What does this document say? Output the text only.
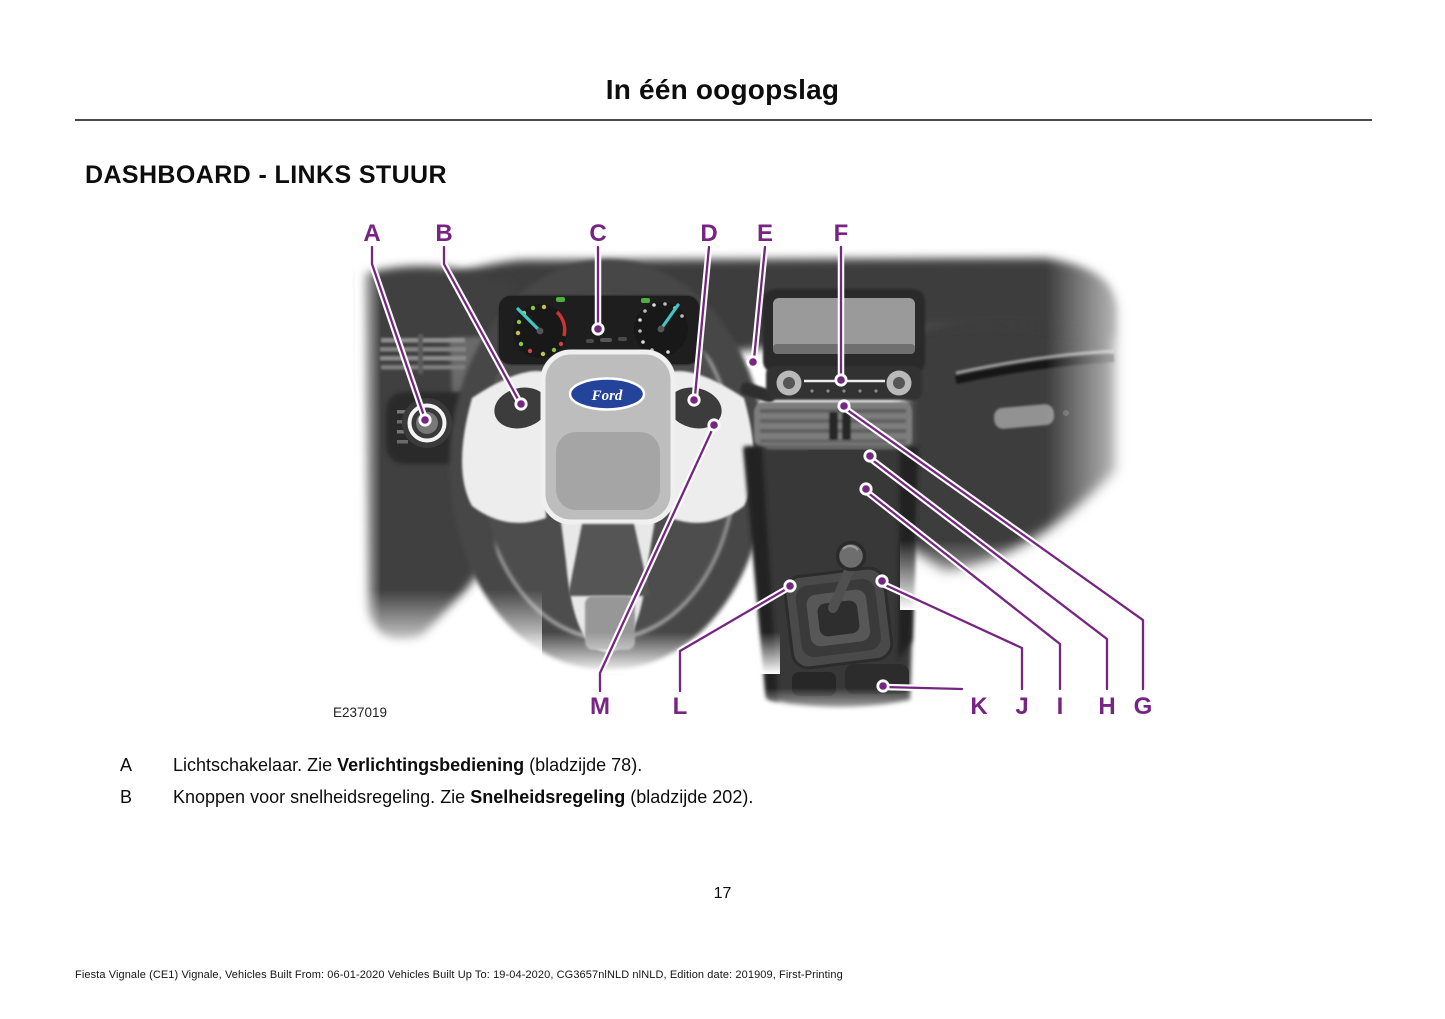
In één oogopslag
DASHBOARD - LINKS STUUR
Ford
A B	C	D E	F
M	L	K J I H G
E237019
A Lichtschakelaar. Zie Verlichtingsbediening (bladzijde 78).
B Knoppen voor snelheidsregeling. Zie Snelheidsregeling (bladzijde 202).
17
Fiesta Vignale (CE1) Vignale, Vehicles Built From: 06-01-2020 Vehicles Built Up To: 19-04-2020, CG3657nlNLD nlNLD, Edition date: 201909, First-Printing
